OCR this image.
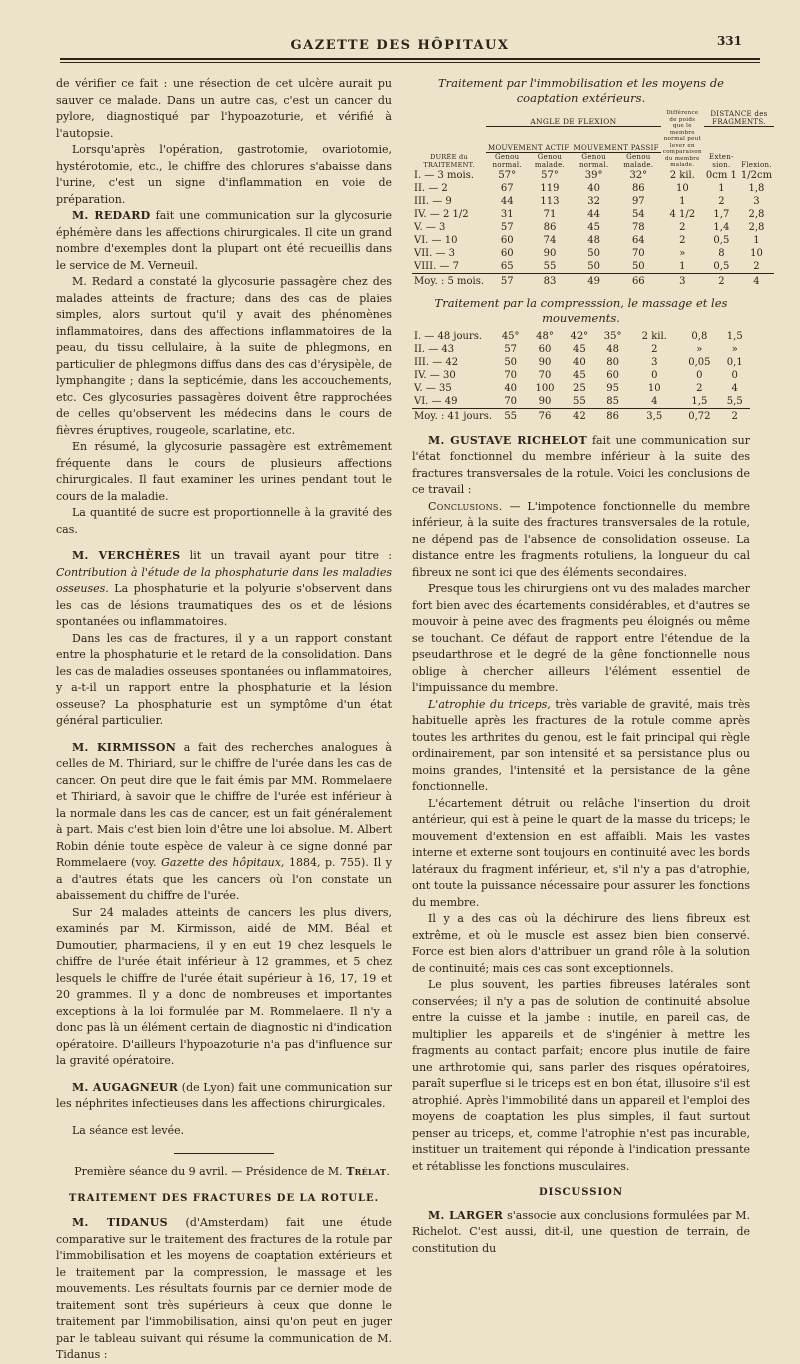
GAZETTE DES HÔPITAUX	331

de vérifier ce fait : une résection de cet ulcère aurait pu sauver ce malade. Dans un autre cas, c'est un cancer du pylore, diagnostiqué par l'hypoazoturie, et vérifié à l'autopsie.

Lorsqu'après l'opération, gastrotomie, ovariotomie, hystérotomie, etc., le chiffre des chlorures s'abaisse dans l'urine, c'est un signe d'inflammation en voie de préparation.

M. REDARD fait une communication sur la glycosurie éphémère dans les affections chirurgicales. Il cite un grand nombre d'exemples dont la plupart ont été recueillis dans le service de M. Verneuil.

M. Redard a constaté la glycosurie passagère chez des malades atteints de fracture; dans des cas de plaies simples, alors surtout qu'il y avait des phénomènes inflammatoires, dans des affections inflammatoires de la peau, du tissu cellulaire, à la suite de phlegmons, en particulier de phlegmons diffus dans des cas d'érysipèle, de lymphangite ; dans la septicémie, dans les accouchements, etc. Ces glycosuries passagères doivent être rapprochées de celles qu'observent les médecins dans le cours de fièvres éruptives, rougeole, scarlatine, etc.

En résumé, la glycosurie passagère est extrêmement fréquente dans le cours de plusieurs affections chirurgicales. Il faut examiner les urines pendant tout le cours de la maladie.

La quantité de sucre est proportionnelle à la gravité des cas.

M. VERCHÈRES lit un travail ayant pour titre : Contribution à l'étude de la phosphaturie dans les maladies osseuses. La phosphaturie et la polyurie s'observent dans les cas de lésions traumatiques des os et de lésions spontanées ou inflammatoires.

Dans les cas de fractures, il y a un rapport constant entre la phosphaturie et le retard de la consolidation. Dans les cas de maladies osseuses spontanées ou inflammatoires, y a-t-il un rapport entre la phosphaturie et la lésion osseuse? La phosphaturie est un symptôme d'un état général particulier.

M. KIRMISSON a fait des recherches analogues à celles de M. Thiriard, sur le chiffre de l'urée dans les cas de cancer. On peut dire que le fait émis par MM. Rommelaere et Thiriard, à savoir que le chiffre de l'urée est inférieur à la normale dans les cas de cancer, est un fait généralement à part. Mais c'est bien loin d'être une loi absolue. M. Albert Robin dénie toute espèce de valeur à ce signe donné par Rommelaere (voy. Gazette des hôpitaux, 1884, p. 755). Il y a d'autres états que les cancers où l'on constate un abaissement du chiffre de l'urée.

Sur 24 malades atteints de cancers les plus divers, examinés par M. Kirmisson, aidé de MM. Béal et Dumoutier, pharmaciens, il y en eut 19 chez lesquels le chiffre de l'urée était inférieur à 12 grammes, et 5 chez lesquels le chiffre de l'urée était supérieur à 16, 17, 19 et 20 grammes. Il y a donc de nombreuses et importantes exceptions à la loi formulée par M. Rommelaere. Il n'y a donc pas là un élément certain de diagnostic ni d'indication opératoire. D'ailleurs l'hypoazoturie n'a pas d'influence sur la gravité opératoire.

M. AUGAGNEUR (de Lyon) fait une communication sur les néphrites infectieuses dans les affections chirurgicales.

La séance est levée.

Première séance du 9 avril. — Présidence de M. Trélat.

TRAITEMENT DES FRACTURES DE LA ROTULE.

M. TIDANUS (d'Amsterdam) fait une étude comparative sur le traitement des fractures de la rotule par l'immobilisation et les moyens de coaptation extérieurs et le traitement par la compression, le massage et les mouvements. Les résultats fournis par ce dernier mode de traitement sont très supérieurs à ceux que donne le traitement par l'immobilisation, ainsi qu'on peut en juger par le tableau suivant qui résume la communication de M. Tidanus :

Traitement par l'immobilisation et les moyens de coaptation extérieurs.
DURÉE du TRAITEMENT.	ANGLE DE FLEXION				Différence de poids que le membre normal peut lever en comparaison du membre malade.	DISTANCE des FRAGMENTS.	
	MOUVEMENT ACTIF		MOUVEMENT PASSIF			Exten-sion.	Flexion.
	Genou normal.	Genou malade.	Genou normal.	Genou malade.			
I. — 3 mois.	57°	57°	39°	32°	2 kil.	0cm 1	1/2cm
II. — 2	67	119	40	86	10	1	1,8
III. — 9	44	113	32	97	1	2	3
IV. — 2 1/2	31	71	44	54	4 1/2	1,7	2,8
V. — 3	57	86	45	78	2	1,4	2,8
VI. — 10	60	74	48	64	2	0,5	1
VII. — 3	60	90	50	70	»	8	10
VIII. — 7	65	55	50	50	1	0,5	2
Moy. : 5 mois.	57	83	49	66	3	2	4
Traitement par la compresssion, le massage et les mouvements.
I. — 48 jours.	45°	48°	42°	35°	2 kil.	0,8	1,5
II. — 43	57	60	45	48	2	»	»
III. — 42	50	90	40	80	3	0,05	0,1
IV. — 30	70	70	45	60	0	0	0
V. — 35	40	100	25	95	10	2	4
VI. — 49	70	90	55	85	4	1,5	5,5
Moy. : 41 jours.	55	76	42	86	3,5	0,72	2

M. GUSTAVE RICHELOT fait une communication sur l'état fonctionnel du membre inférieur à la suite des fractures transversales de la rotule. Voici les conclusions de ce travail :

Conclusions. — L'impotence fonctionnelle du membre inférieur, à la suite des fractures transversales de la rotule, ne dépend pas de l'absence de consolidation osseuse. La distance entre les fragments rotuliens, la longueur du cal fibreux ne sont ici que des éléments secondaires.

Presque tous les chirurgiens ont vu des malades marcher fort bien avec des écartements considérables, et d'autres se mouvoir à peine avec des fragments peu éloignés ou même se touchant. Ce défaut de rapport entre l'étendue de la pseudarthrose et le degré de la gêne fonctionnelle nous oblige à chercher ailleurs l'élément essentiel de l'impuissance du membre.

L'atrophie du triceps, très variable de gravité, mais très habituelle après les fractures de la rotule comme après toutes les arthrites du genou, est le fait principal qui règle ordinairement, par son intensité et sa persistance plus ou moins grandes, l'intensité et la persistance de la gêne fonctionnelle.

L'écartement détruit ou relâche l'insertion du droit antérieur, qui est à peine le quart de la masse du triceps; le mouvement d'extension en est affaibli. Mais les vastes interne et externe sont toujours en continuité avec les bords latéraux du fragment inférieur, et, s'il n'y a pas d'atrophie, ont toute la puissance nécessaire pour assurer les fonctions du membre.

Il y a des cas où la déchirure des liens fibreux est extrême, et où le muscle est assez bien bien conservé. Force est bien alors d'attribuer un grand rôle à la solution de continuité; mais ces cas sont exceptionnels.

Le plus souvent, les parties fibreuses latérales sont conservées; il n'y a pas de solution de continuité absolue entre la cuisse et la jambe : inutile, en pareil cas, de multiplier les appareils et de s'ingénier à mettre les fragments au contact parfait; encore plus inutile de faire une arthrotomie qui, sans parler des risques opératoires, paraît superflue si le triceps est en bon état, illusoire s'il est atrophié. Après l'immobilité dans un appareil et l'emploi des moyens de coaptation les plus simples, il faut surtout penser au triceps, et, comme l'atrophie n'est pas incurable, instituer un traitement qui réponde à l'indication pressante et rétablisse les fonctions musculaires.

DISCUSSION

M. LARGER s'associe aux conclusions formulées par M. Richelot. C'est aussi, dit-il, une question de terrain, de constitution du
